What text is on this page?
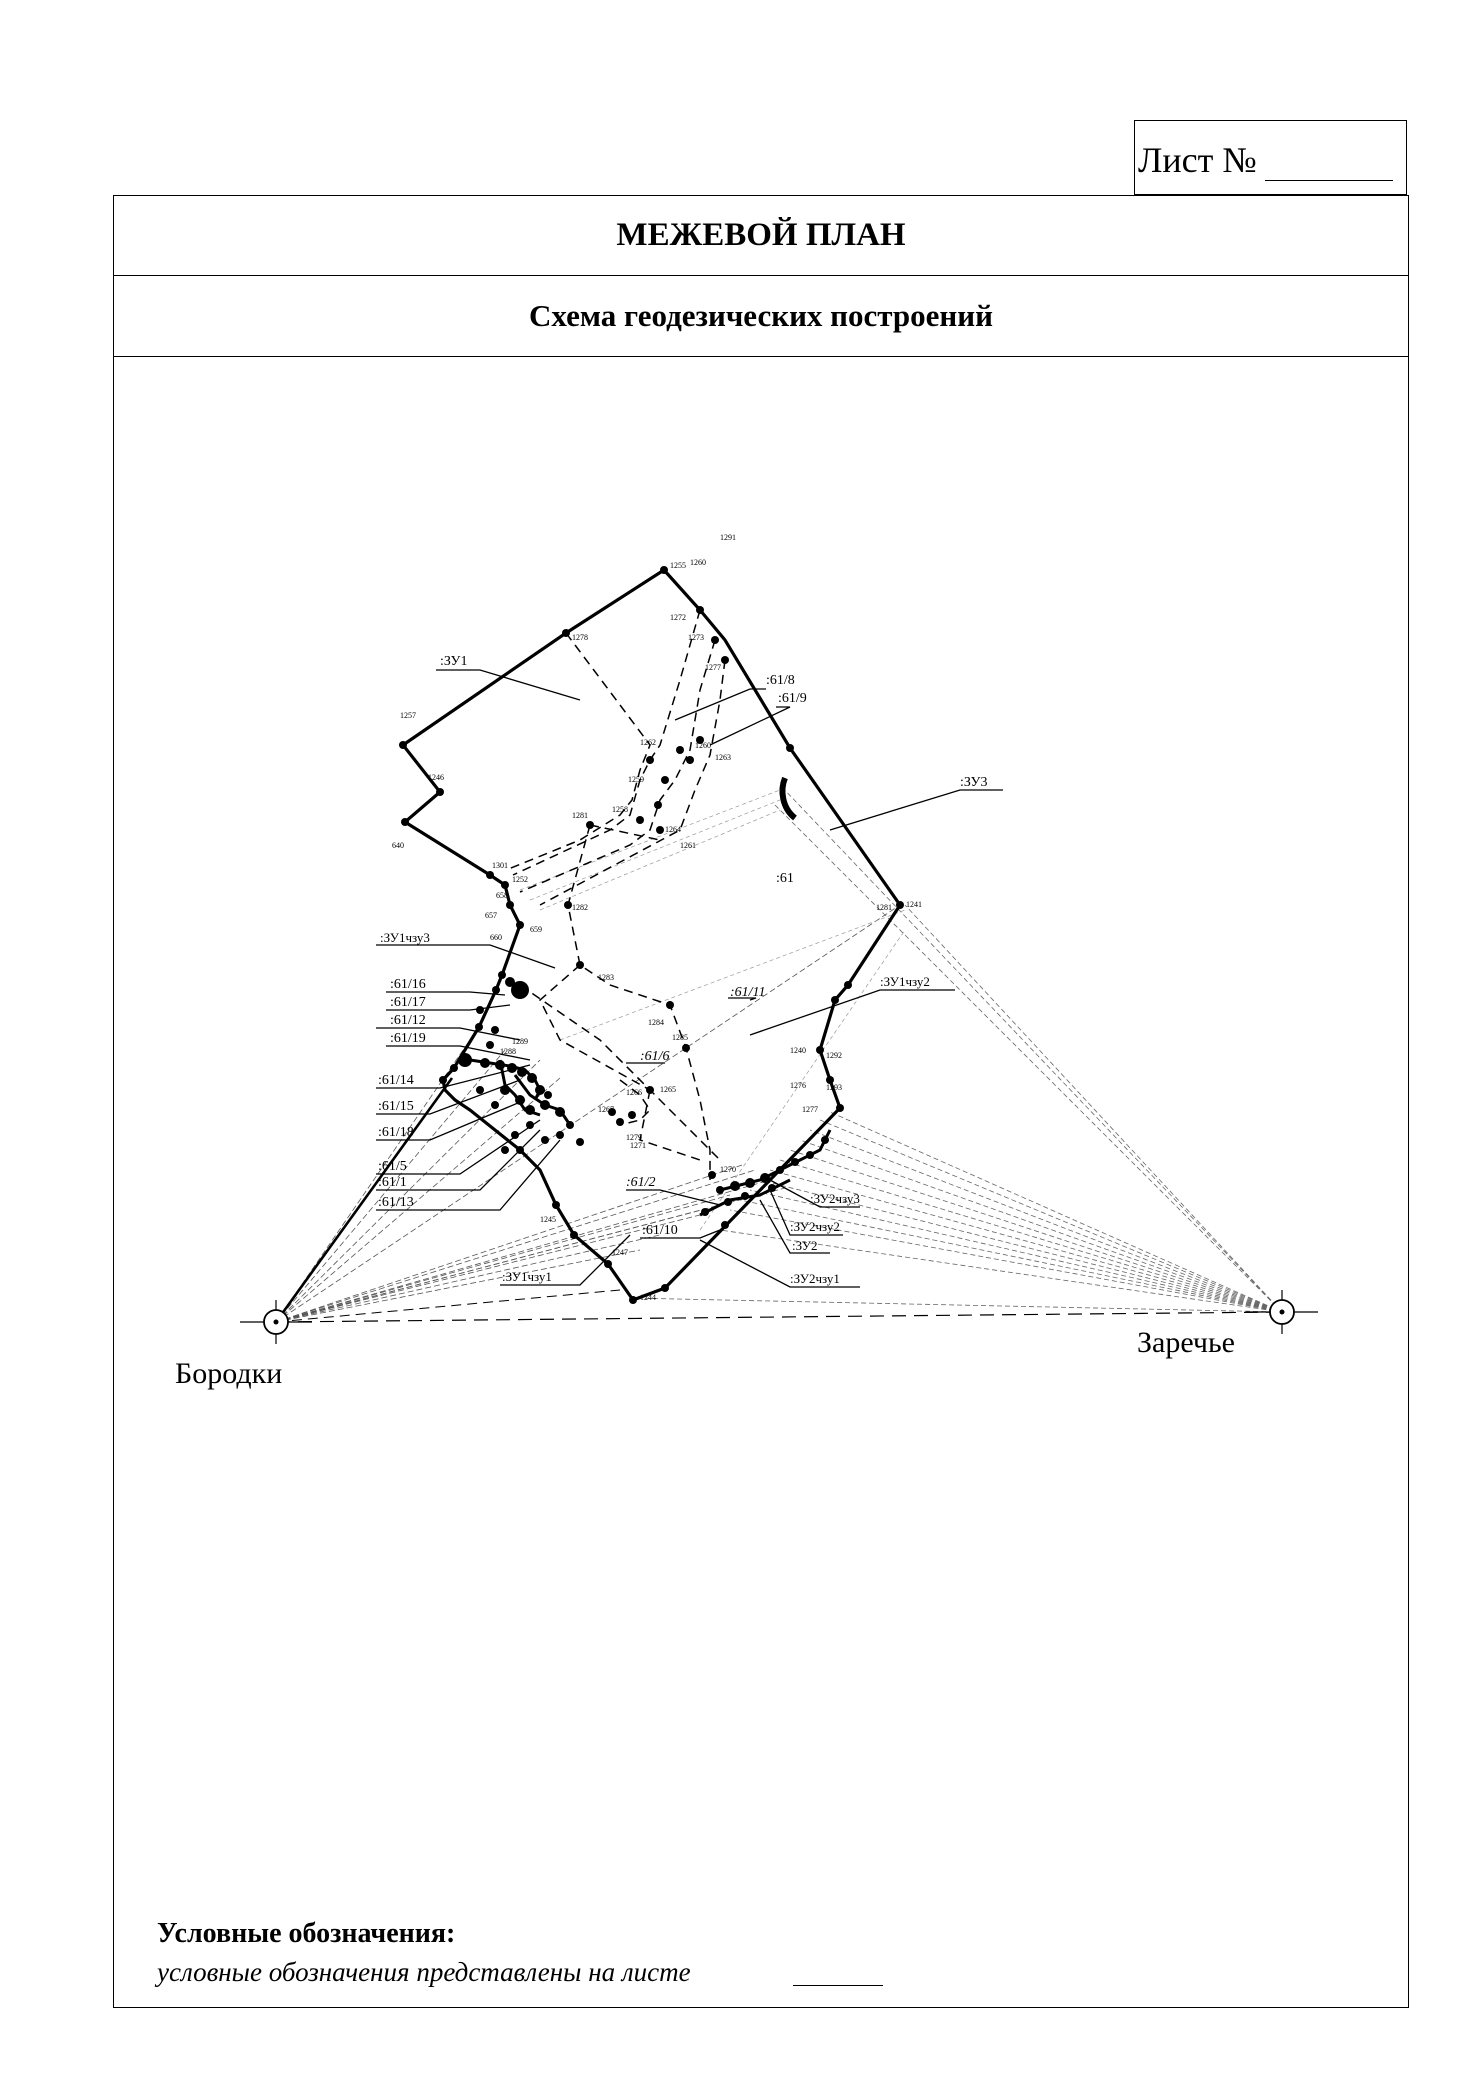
Лист №
МЕЖЕВОЙ ПЛАН
Схема геодезических построений
1255
1278
1272
1273
1277
1257
1246
640
1262	1260
1263
1259
1281
1258
1264
1261
1301
1252
658
657
1291
1282
1260
1241
1281
659
660
1283
1284
1285
1240
1292
1276	1293
1277
1245
1270
1265
1266
1267
1288
1289
1279
1271
1247
1244
:ЗУ1
:61/8
:61/9
:ЗУ3
:61
:ЗУ1чзу3
:61/16
:61/17
:61/12
:61/19
:61/14
:61/15
:61/18
:61/5
:61/1
:61/13
:61/11
:ЗУ1чзу2
:61/6
:61/2
:61/10
:ЗУ1чзу1
:ЗУ2чзу3
:ЗУ2чзу2
:ЗУ2
:ЗУ2чзу1
Бородки
Заречье
Условные обозначения:
условные обозначения представлены на листе
